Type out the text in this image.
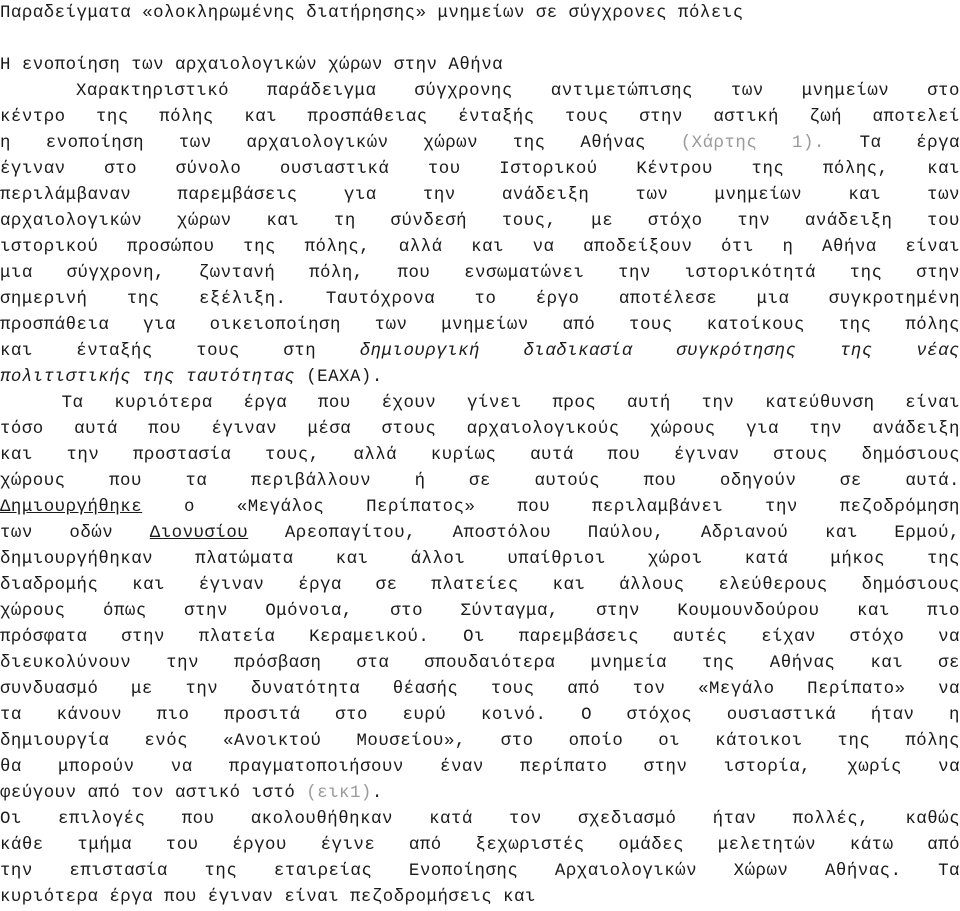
Παραδείγματα «ολοκληρωμένης διατήρησης» μνημείων σε σύγχρονες πόλεις
Η ενοποίηση των αρχαιολογικών χώρων στην Αθήνα
Χαρακτηριστικό παράδειγμα σύγχρονης αντιμετώπισης των μνημείων στο
κέντρο της πόλης και προσπάθειας ένταξής τους στην αστική ζωή αποτελεί
η ενοποίηση των αρχαιολογικών χώρων της Αθήνας (Χάρτης 1). Τα έργα
έγιναν στο σύνολο ουσιαστικά του Ιστορικού Κέντρου της πόλης, και
περιλάμβαναν παρεμβάσεις για την ανάδειξη των μνημείων και των
αρχαιολογικών χώρων και τη σύνδεσή τους, με στόχο την ανάδειξη του
ιστορικού προσώπου της πόλης, αλλά και να αποδείξουν ότι η Αθήνα είναι
μια σύγχρονη, ζωντανή πόλη, που ενσωματώνει την ιστορικότητά της στην
σημερινή της εξέλιξη. Ταυτόχρονα το έργο αποτέλεσε μια συγκροτημένη
προσπάθεια για οικειοποίηση των μνημείων από τους κατοίκους της πόλης
και ένταξής τους στη δημιουργική διαδικασία συγκρότησης της νέας
πολιτιστικής της ταυτότητας (ΕΑΧΑ).
Τα κυριότερα έργα που έχουν γίνει προς αυτή την κατεύθυνση είναι
τόσο αυτά που έγιναν μέσα στους αρχαιολογικούς χώρους για την ανάδειξη
και την προστασία τους, αλλά κυρίως αυτά που έγιναν στους δημόσιους
χώρους που τα περιβάλλουν ή σε αυτούς που οδηγούν σε αυτά.
Δημιουργήθηκε ο «Μεγάλος Περίπατος» που περιλαμβάνει την πεζοδρόμηση
των οδών Διονυσίου Αρεοπαγίτου, Αποστόλου Παύλου, Αδριανού και Ερμού,
δημιουργήθηκαν πλατώματα και άλλοι υπαίθριοι χώροι κατά μήκος της
διαδρομής και έγιναν έργα σε πλατείες και άλλους ελεύθερους δημόσιους
χώρους όπως στην Ομόνοια, στο Σύνταγμα, στην Κουμουνδούρου και πιο
πρόσφατα στην πλατεία Κεραμεικού. Οι παρεμβάσεις αυτές είχαν στόχο να
διευκολύνουν την πρόσβαση στα σπουδαιότερα μνημεία της Αθήνας και σε
συνδυασμό με την δυνατότητα θέασής τους από τον «Μεγάλο Περίπατο» να
τα κάνουν πιο προσιτά στο ευρύ κοινό. Ο στόχος ουσιαστικά ήταν η
δημιουργία ενός «Ανοικτού Μουσείου», στο οποίο οι κάτοικοι της πόλης
θα μπορούν να πραγματοποιήσουν έναν περίπατο στην ιστορία, χωρίς να
φεύγουν από τον αστικό ιστό (εικ1).
Οι επιλογές που ακολουθήθηκαν κατά τον σχεδιασμό ήταν πολλές, καθώς
κάθε τμήμα του έργου έγινε από ξεχωριστές ομάδες μελετητών κάτω από
την επιστασία της εταιρείας Ενοποίησης Αρχαιολογικών Χώρων Αθήνας. Τα
κυριότερα έργα που έγιναν είναι πεζοδρομήσεις και
